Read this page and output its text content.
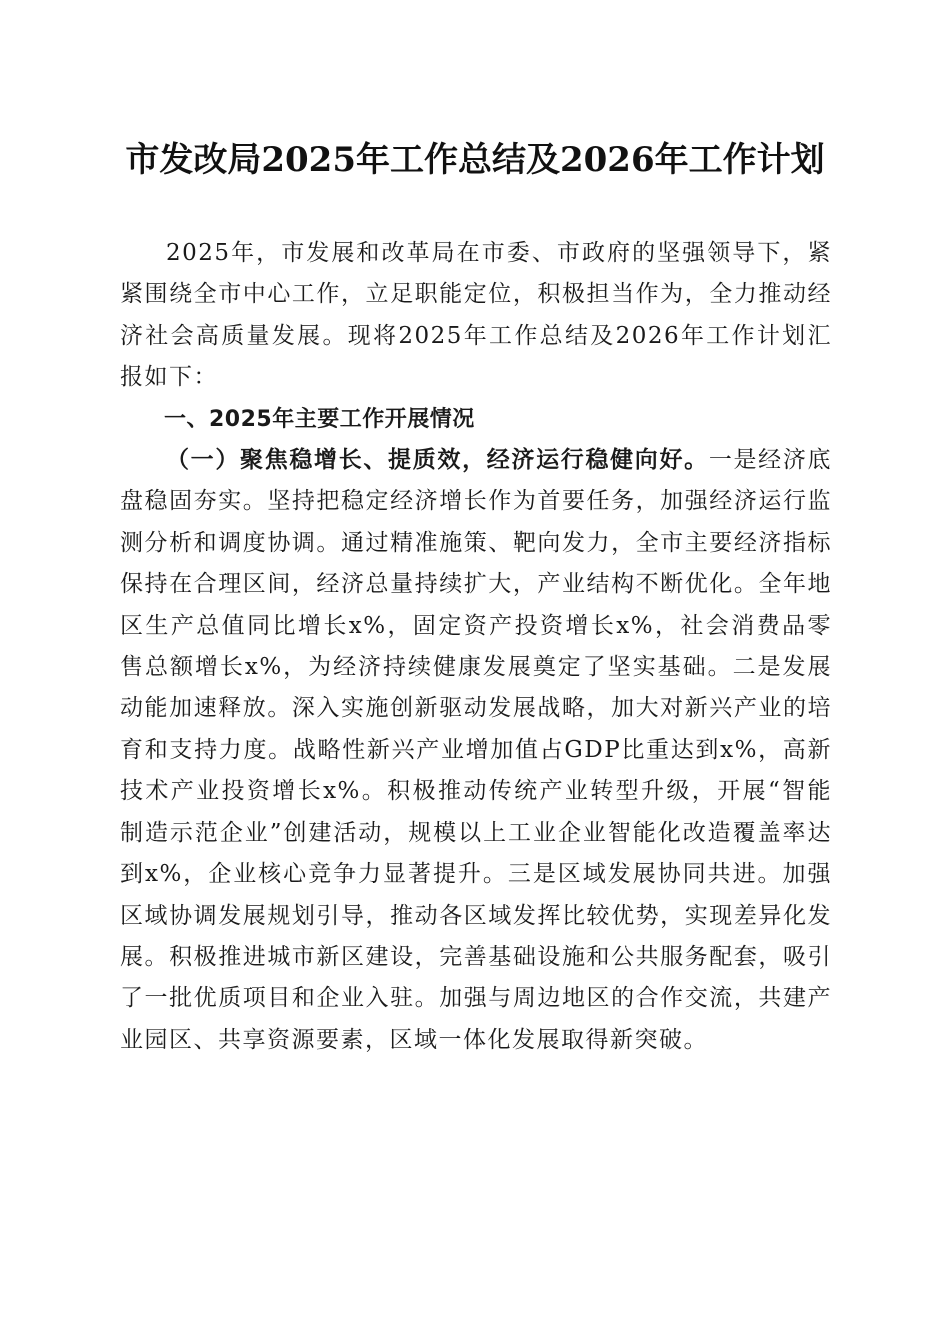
市发改局2025年工作总结及2026年工作计划

2025年，市发展和改革局在市委、市政府的坚强领导下，紧紧围绕全市中心工作，立足职能定位，积极担当作为，全力推动经济社会高质量发展。现将2025年工作总结及2026年工作计划汇报如下：

一、2025年主要工作开展情况

（一）聚焦稳增长、提质效，经济运行稳健向好。一是经济底盘稳固夯实。坚持把稳定经济增长作为首要任务，加强经济运行监测分析和调度协调。通过精准施策、靶向发力，全市主要经济指标保持在合理区间，经济总量持续扩大，产业结构不断优化。全年地区生产总值同比增长x%，固定资产投资增长x%，社会消费品零售总额增长x%，为经济持续健康发展奠定了坚实基础。二是发展动能加速释放。深入实施创新驱动发展战略，加大对新兴产业的培育和支持力度。战略性新兴产业增加值占GDP比重达到x%，高新技术产业投资增长x%。积极推动传统产业转型升级，开展“智能制造示范企业”创建活动，规模以上工业企业智能化改造覆盖率达到x%，企业核心竞争力显著提升。三是区域发展协同共进。加强区域协调发展规划引导，推动各区域发挥比较优势，实现差异化发展。积极推进城市新区建设，完善基础设施和公共服务配套，吸引了一批优质项目和企业入驻。加强与周边地区的合作交流，共建产业园区、共享资源要素，区域一体化发展取得新突破。
